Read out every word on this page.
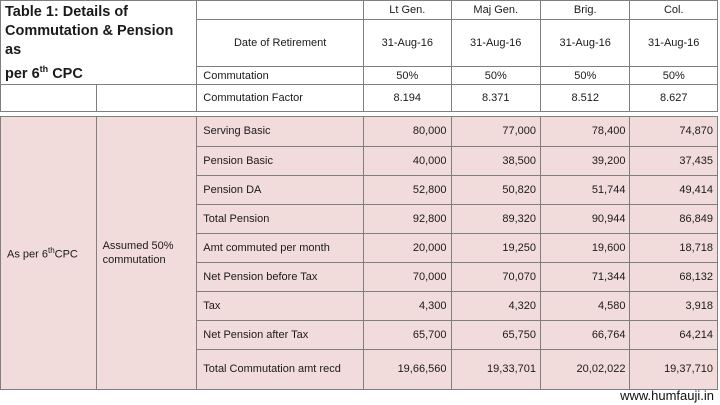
Table 1: Details of
Commutation & Pension as
per 6th CPC			Lt Gen.	Maj Gen.	Brig.	Col.
		Date of Retirement	31-Aug-16	31-Aug-16	31-Aug-16	31-Aug-16
		Commutation	50%	50%	50%	50%
		Commutation Factor	8.194	8.371	8.512	8.627

As per 6thCPC	Assumed 50% commutation	Serving Basic	80,000	77,000	78,400	74,870
		Pension Basic	40,000	38,500	39,200	37,435
		Pension DA	52,800	50,820	51,744	49,414
		Total Pension	92,800	89,320	90,944	86,849
		Amt commuted per month	20,000	19,250	19,600	18,718
		Net Pension before Tax	70,000	70,070	71,344	68,132
		Tax	4,300	4,320	4,580	3,918
		Net Pension after Tax	65,700	65,750	66,764	64,214
		Total Commutation amt recd	19,66,560	19,33,701	20,02,022	19,37,710
www.humfauji.in
